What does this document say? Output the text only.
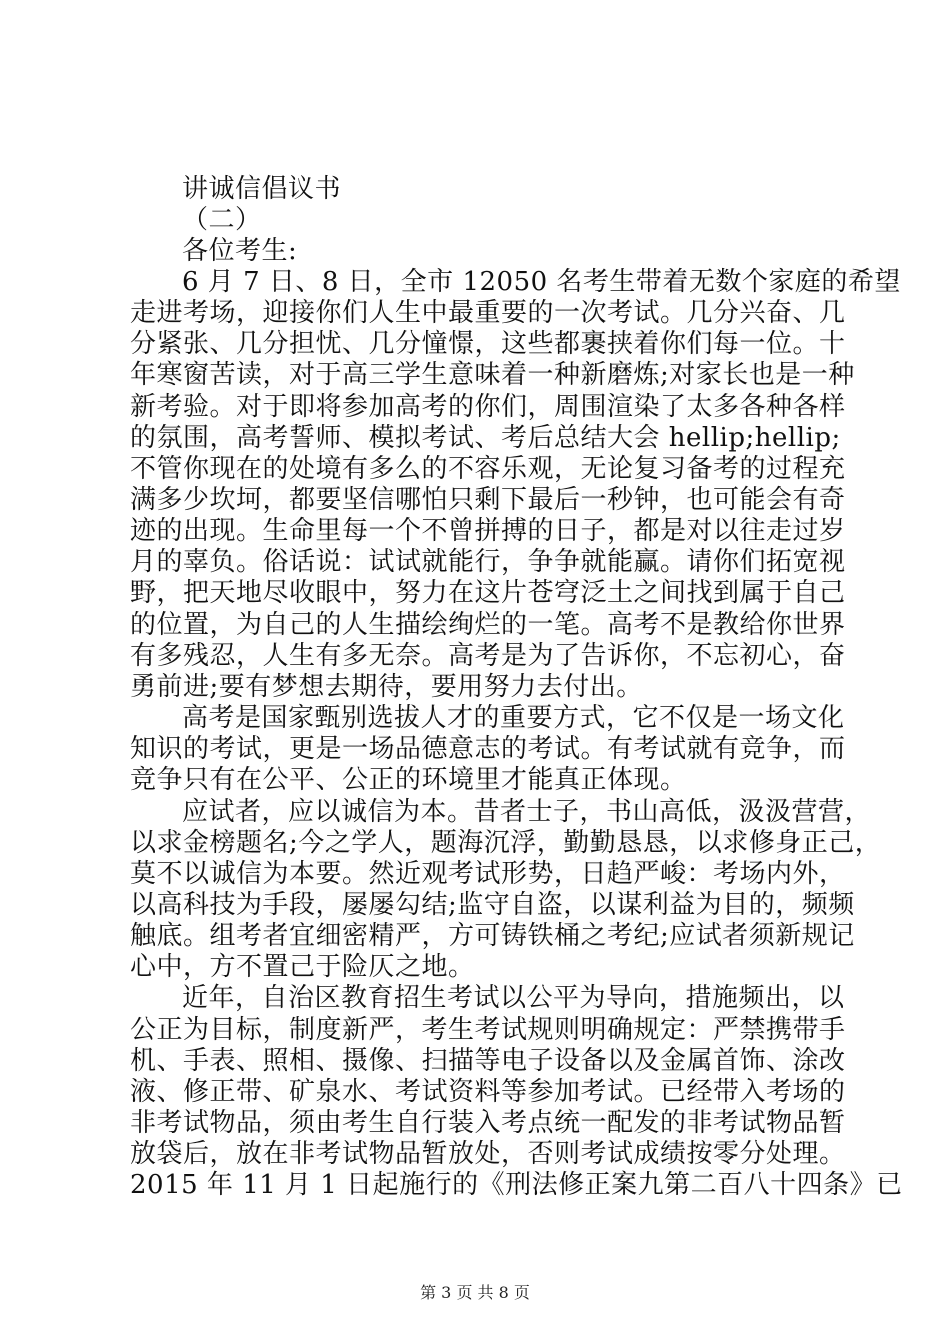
讲诚信倡议书
（二）
各位考生:
6 月 7 日、8 日，全市 12050 名考生带着无数个家庭的希望
走进考场，迎接你们人生中最重要的一次考试。几分兴奋、几
分紧张、几分担忧、几分憧憬，这些都裹挟着你们每一位。十
年寒窗苦读，对于高三学生意味着一种新磨炼;对家长也是一种
新考验。对于即将参加高考的你们，周围渲染了太多各种各样
的氛围，高考誓师、模拟考试、考后总结大会 hellip;hellip;
不管你现在的处境有多么的不容乐观，无论复习备考的过程充
满多少坎坷，都要坚信哪怕只剩下最后一秒钟，也可能会有奇
迹的出现。生命里每一个不曾拼搏的日子，都是对以往走过岁
月的辜负。俗话说：试试就能行，争争就能赢。请你们拓宽视
野，把天地尽收眼中，努力在这片苍穹泛土之间找到属于自己
的位置，为自己的人生描绘绚烂的一笔。高考不是教给你世界
有多残忍，人生有多无奈。高考是为了告诉你，不忘初心，奋
勇前进;要有梦想去期待，要用努力去付出。
高考是国家甄别选拔人才的重要方式，它不仅是一场文化
知识的考试，更是一场品德意志的考试。有考试就有竞争，而
竞争只有在公平、公正的环境里才能真正体现。
应试者，应以诚信为本。昔者士子，书山高低，汲汲营营，
以求金榜题名;今之学人，题海沉浮，勤勤恳恳，以求修身正己，
莫不以诚信为本要。然近观考试形势，日趋严峻：考场内外，
以高科技为手段，屡屡勾结;监守自盗，以谋利益为目的，频频
触底。组考者宜细密精严，方可铸铁桶之考纪;应试者须新规记
心中，方不置己于险仄之地。
近年，自治区教育招生考试以公平为导向，措施频出，以
公正为目标，制度新严，考生考试规则明确规定：严禁携带手
机、手表、照相、摄像、扫描等电子设备以及金属首饰、涂改
液、修正带、矿泉水、考试资料等参加考试。已经带入考场的
非考试物品，须由考生自行装入考点统一配发的非考试物品暂
放袋后，放在非考试物品暂放处，否则考试成绩按零分处理。
2015 年 11 月 1 日起施行的《刑法修正案九第二百八十四条》已
第 3 页 共 8 页
